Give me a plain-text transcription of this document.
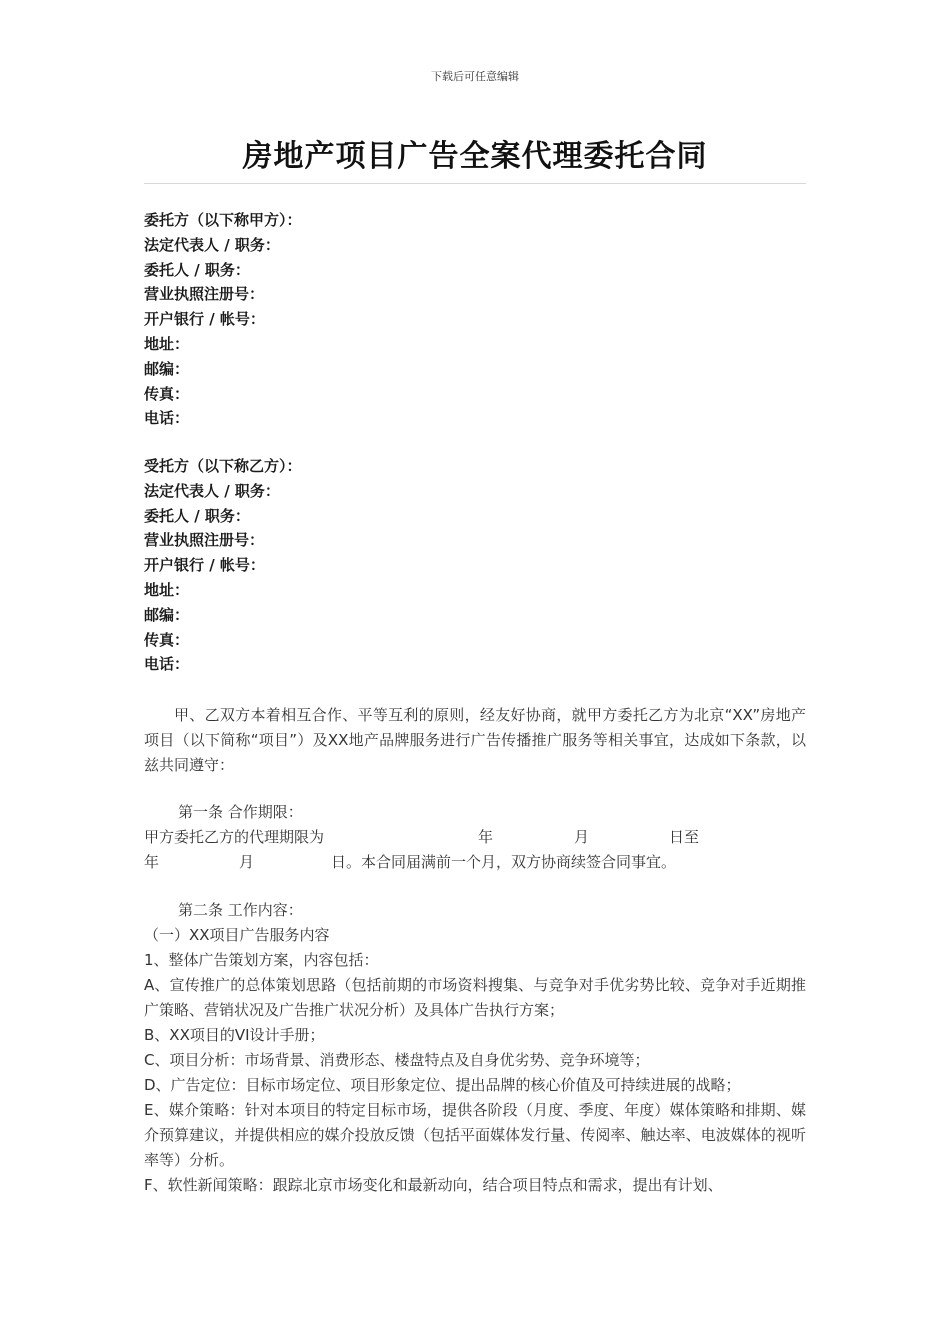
下载后可任意编辑
房地产项目广告全案代理委托合同
委托方（以下称甲方）：
法定代表人 / 职务：
委托人 / 职务：
营业执照注册号：
开户银行 / 帐号：
地址：
邮编：
传真：
电话：
受托方（以下称乙方）：
法定代表人 / 职务：
委托人 / 职务：
营业执照注册号：
开户银行 / 帐号：
地址：
邮编：
传真：
电话：
甲、乙双方本着相互合作、平等互利的原则，经友好协商，就甲方委托乙方为北京“XX”房地产项目（以下简称“项目”）及XX地产品牌服务进行广告传播推广服务等相关事宜，达成如下条款，以兹共同遵守：
第一条 合作期限：
甲方委托乙方的代理期限为	年	月	日至
年	月	日。本合同届满前一个月，双方协商续签合同事宜。
第二条 工作内容：
（一）XX项目广告服务内容
1、整体广告策划方案，内容包括：
A、宣传推广的总体策划思路（包括前期的市场资料搜集、与竞争对手优劣势比较、竞争对手近期推广策略、营销状况及广告推广状况分析）及具体广告执行方案；
B、XX项目的VI设计手册；
C、项目分析：市场背景、消费形态、楼盘特点及自身优劣势、竞争环境等；
D、广告定位：目标市场定位、项目形象定位、提出品牌的核心价值及可持续进展的战略；
E、媒介策略：针对本项目的特定目标市场，提供各阶段（月度、季度、年度）媒体策略和排期、媒介预算建议，并提供相应的媒介投放反馈（包括平面媒体发行量、传阅率、触达率、电波媒体的视听率等）分析。
F、软性新闻策略：跟踪北京市场变化和最新动向，结合项目特点和需求，提出有计划、
